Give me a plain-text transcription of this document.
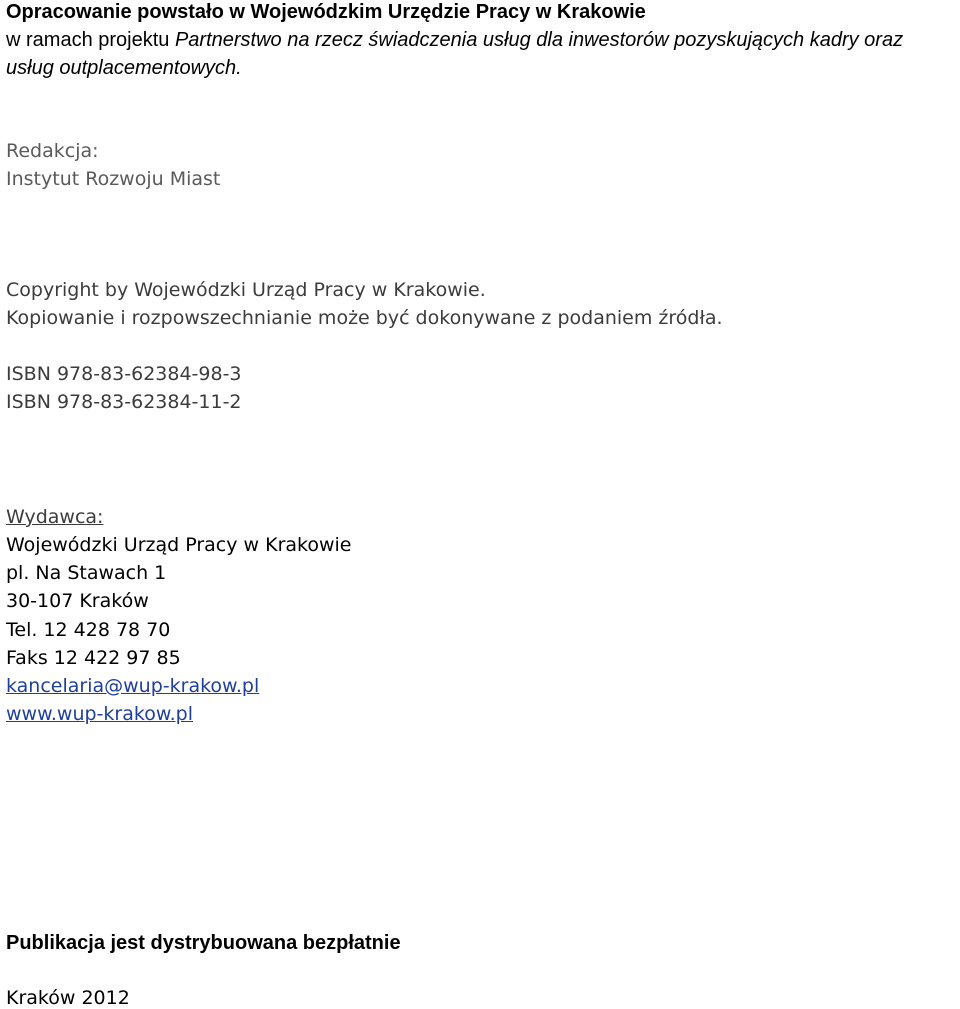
Opracowanie powstało w Wojewódzkim Urzędzie Pracy w Krakowie
w ramach projektu Partnerstwo na rzecz świadczenia usług dla inwestorów pozyskujących kadry oraz
usług outplacementowych.
Redakcja:
Instytut Rozwoju Miast
Copyright by Wojewódzki Urząd Pracy w Krakowie.
Kopiowanie i rozpowszechnianie może być dokonywane z podaniem źródła.
ISBN 978-83-62384-98-3
ISBN 978-83-62384-11-2
Wydawca:
Wojewódzki Urząd Pracy w Krakowie
pl. Na Stawach 1
30-107 Kraków
Tel. 12 428 78 70
Faks 12 422 97 85
kancelaria@wup-krakow.pl
www.wup-krakow.pl
Publikacja jest dystrybuowana bezpłatnie
Kraków 2012
